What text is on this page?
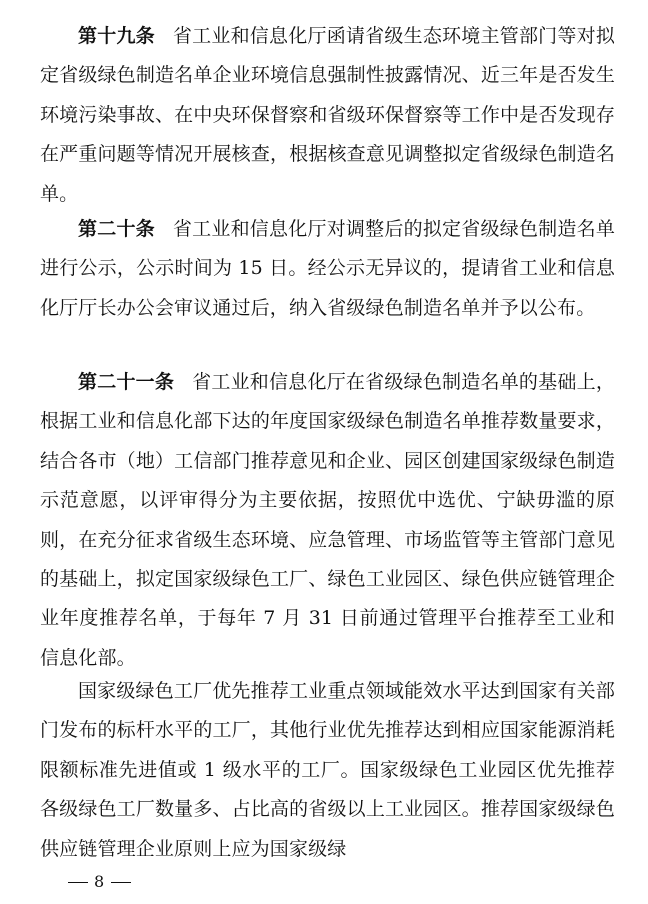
第十九条 省工业和信息化厅函请省级生态环境主管部门等对拟定省级绿色制造名单企业环境信息强制性披露情况、近三年是否发生环境污染事故、在中央环保督察和省级环保督察等工作中是否发现存在严重问题等情况开展核查，根据核查意见调整拟定省级绿色制造名单。
第二十条 省工业和信息化厅对调整后的拟定省级绿色制造名单进行公示，公示时间为 15 日。经公示无异议的，提请省工业和信息化厅厅长办公会审议通过后，纳入省级绿色制造名单并予以公布。
第二十一条 省工业和信息化厅在省级绿色制造名单的基础上，根据工业和信息化部下达的年度国家级绿色制造名单推荐数量要求，结合各市（地）工信部门推荐意见和企业、园区创建国家级绿色制造示范意愿，以评审得分为主要依据，按照优中选优、宁缺毋滥的原则，在充分征求省级生态环境、应急管理、市场监管等主管部门意见的基础上，拟定国家级绿色工厂、绿色工业园区、绿色供应链管理企业年度推荐名单，于每年 7 月 31 日前通过管理平台推荐至工业和信息化部。
国家级绿色工厂优先推荐工业重点领域能效水平达到国家有关部门发布的标杆水平的工厂，其他行业优先推荐达到相应国家能源消耗限额标准先进值或 1 级水平的工厂。国家级绿色工业园区优先推荐各级绿色工厂数量多、占比高的省级以上工业园区。推荐国家级绿色供应链管理企业原则上应为国家级绿
8
